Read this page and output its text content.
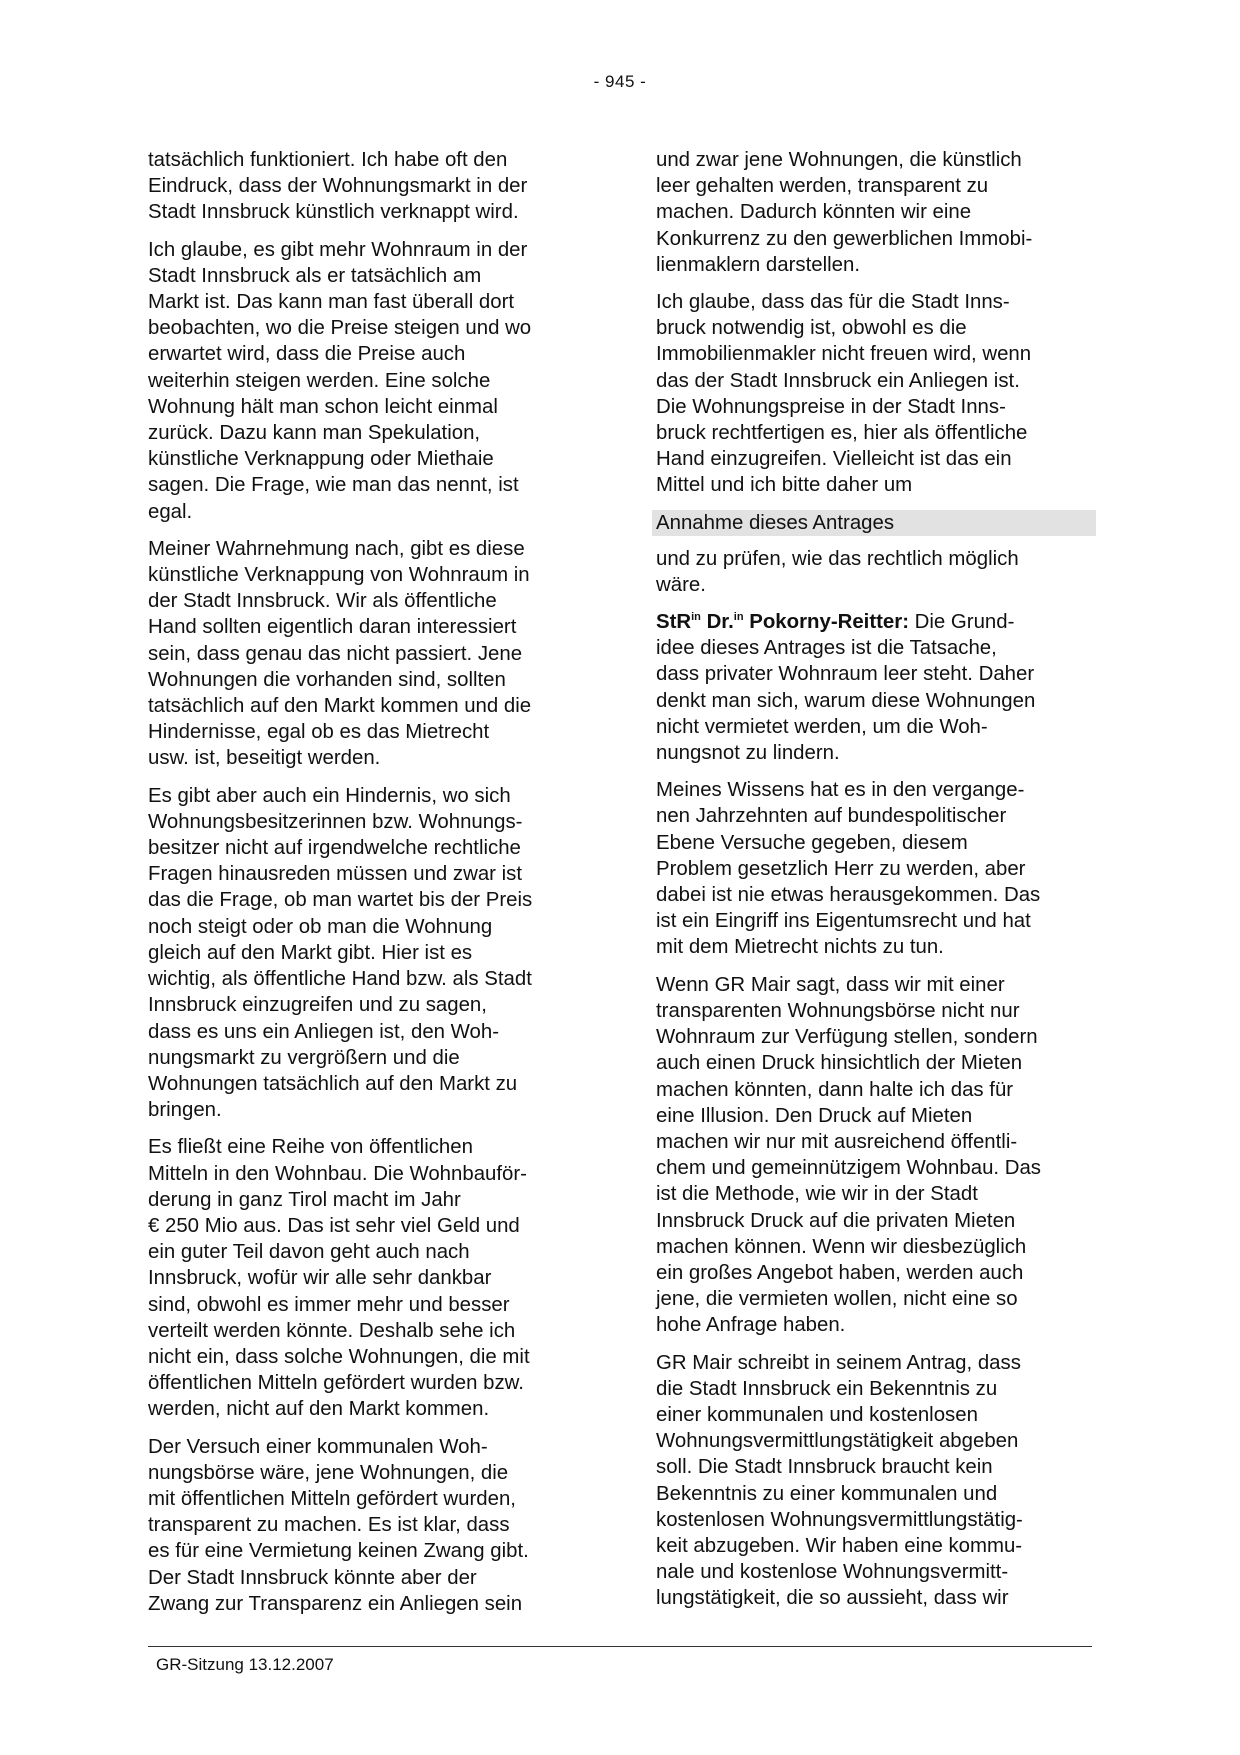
- 945 -

tatsächlich funktioniert. Ich habe oft den
Eindruck, dass der Wohnungsmarkt in der
Stadt Innsbruck künstlich verknappt wird.

Ich glaube, es gibt mehr Wohnraum in der
Stadt Innsbruck als er tatsächlich am
Markt ist. Das kann man fast überall dort
beobachten, wo die Preise steigen und wo
erwartet wird, dass die Preise auch
weiterhin steigen werden. Eine solche
Wohnung hält man schon leicht einmal
zurück. Dazu kann man Spekulation,
künstliche Verknappung oder Miethaie
sagen. Die Frage, wie man das nennt, ist
egal.

Meiner Wahrnehmung nach, gibt es diese
künstliche Verknappung von Wohnraum in
der Stadt Innsbruck. Wir als öffentliche
Hand sollten eigentlich daran interessiert
sein, dass genau das nicht passiert. Jene
Wohnungen die vorhanden sind, sollten
tatsächlich auf den Markt kommen und die
Hindernisse, egal ob es das Mietrecht
usw. ist, beseitigt werden.

Es gibt aber auch ein Hindernis, wo sich
Wohnungsbesitzerinnen bzw. Wohnungs-
besitzer nicht auf irgendwelche rechtliche
Fragen hinausreden müssen und zwar ist
das die Frage, ob man wartet bis der Preis
noch steigt oder ob man die Wohnung
gleich auf den Markt gibt. Hier ist es
wichtig, als öffentliche Hand bzw. als Stadt
Innsbruck einzugreifen und zu sagen,
dass es uns ein Anliegen ist, den Woh-
nungsmarkt zu vergrößern und die
Wohnungen tatsächlich auf den Markt zu
bringen.

Es fließt eine Reihe von öffentlichen
Mitteln in den Wohnbau. Die Wohnbauför-
derung in ganz Tirol macht im Jahr
€ 250 Mio aus. Das ist sehr viel Geld und
ein guter Teil davon geht auch nach
Innsbruck, wofür wir alle sehr dankbar
sind, obwohl es immer mehr und besser
verteilt werden könnte. Deshalb sehe ich
nicht ein, dass solche Wohnungen, die mit
öffentlichen Mitteln gefördert wurden bzw.
werden, nicht auf den Markt kommen.

Der Versuch einer kommunalen Woh-
nungsbörse wäre, jene Wohnungen, die
mit öffentlichen Mitteln gefördert wurden,
transparent zu machen. Es ist klar, dass
es für eine Vermietung keinen Zwang gibt.
Der Stadt Innsbruck könnte aber der
Zwang zur Transparenz ein Anliegen sein

und zwar jene Wohnungen, die künstlich
leer gehalten werden, transparent zu
machen. Dadurch könnten wir eine
Konkurrenz zu den gewerblichen Immobi-
lienmaklern darstellen.

Ich glaube, dass das für die Stadt Inns-
bruck notwendig ist, obwohl es die
Immobilienmakler nicht freuen wird, wenn
das der Stadt Innsbruck ein Anliegen ist.
Die Wohnungspreise in der Stadt Inns-
bruck rechtfertigen es, hier als öffentliche
Hand einzugreifen. Vielleicht ist das ein
Mittel und ich bitte daher um

Annahme dieses Antrages

und zu prüfen, wie das rechtlich möglich
wäre.

StR$^{in}$ Dr.$^{in}$ Pokorny-Reitter: Die Grund-
idee dieses Antrages ist die Tatsache,
dass privater Wohnraum leer steht. Daher
denkt man sich, warum diese Wohnungen
nicht vermietet werden, um die Woh-
nungsnot zu lindern.

Meines Wissens hat es in den vergange-
nen Jahrzehnten auf bundespolitischer
Ebene Versuche gegeben, diesem
Problem gesetzlich Herr zu werden, aber
dabei ist nie etwas herausgekommen. Das
ist ein Eingriff ins Eigentumsrecht und hat
mit dem Mietrecht nichts zu tun.

Wenn GR Mair sagt, dass wir mit einer
transparenten Wohnungsbörse nicht nur
Wohnraum zur Verfügung stellen, sondern
auch einen Druck hinsichtlich der Mieten
machen könnten, dann halte ich das für
eine Illusion. Den Druck auf Mieten
machen wir nur mit ausreichend öffentli-
chem und gemeinnützigem Wohnbau. Das
ist die Methode, wie wir in der Stadt
Innsbruck Druck auf die privaten Mieten
machen können. Wenn wir diesbezüglich
ein großes Angebot haben, werden auch
jene, die vermieten wollen, nicht eine so
hohe Anfrage haben.

GR Mair schreibt in seinem Antrag, dass
die Stadt Innsbruck ein Bekenntnis zu
einer kommunalen und kostenlosen
Wohnungsvermittlungstätigkeit abgeben
soll. Die Stadt Innsbruck braucht kein
Bekenntnis zu einer kommunalen und
kostenlosen Wohnungsvermittlungstätig-
keit abzugeben. Wir haben eine kommu-
nale und kostenlose Wohnungsvermitt-
lungstätigkeit, die so aussieht, dass wir

GR-Sitzung 13.12.2007
